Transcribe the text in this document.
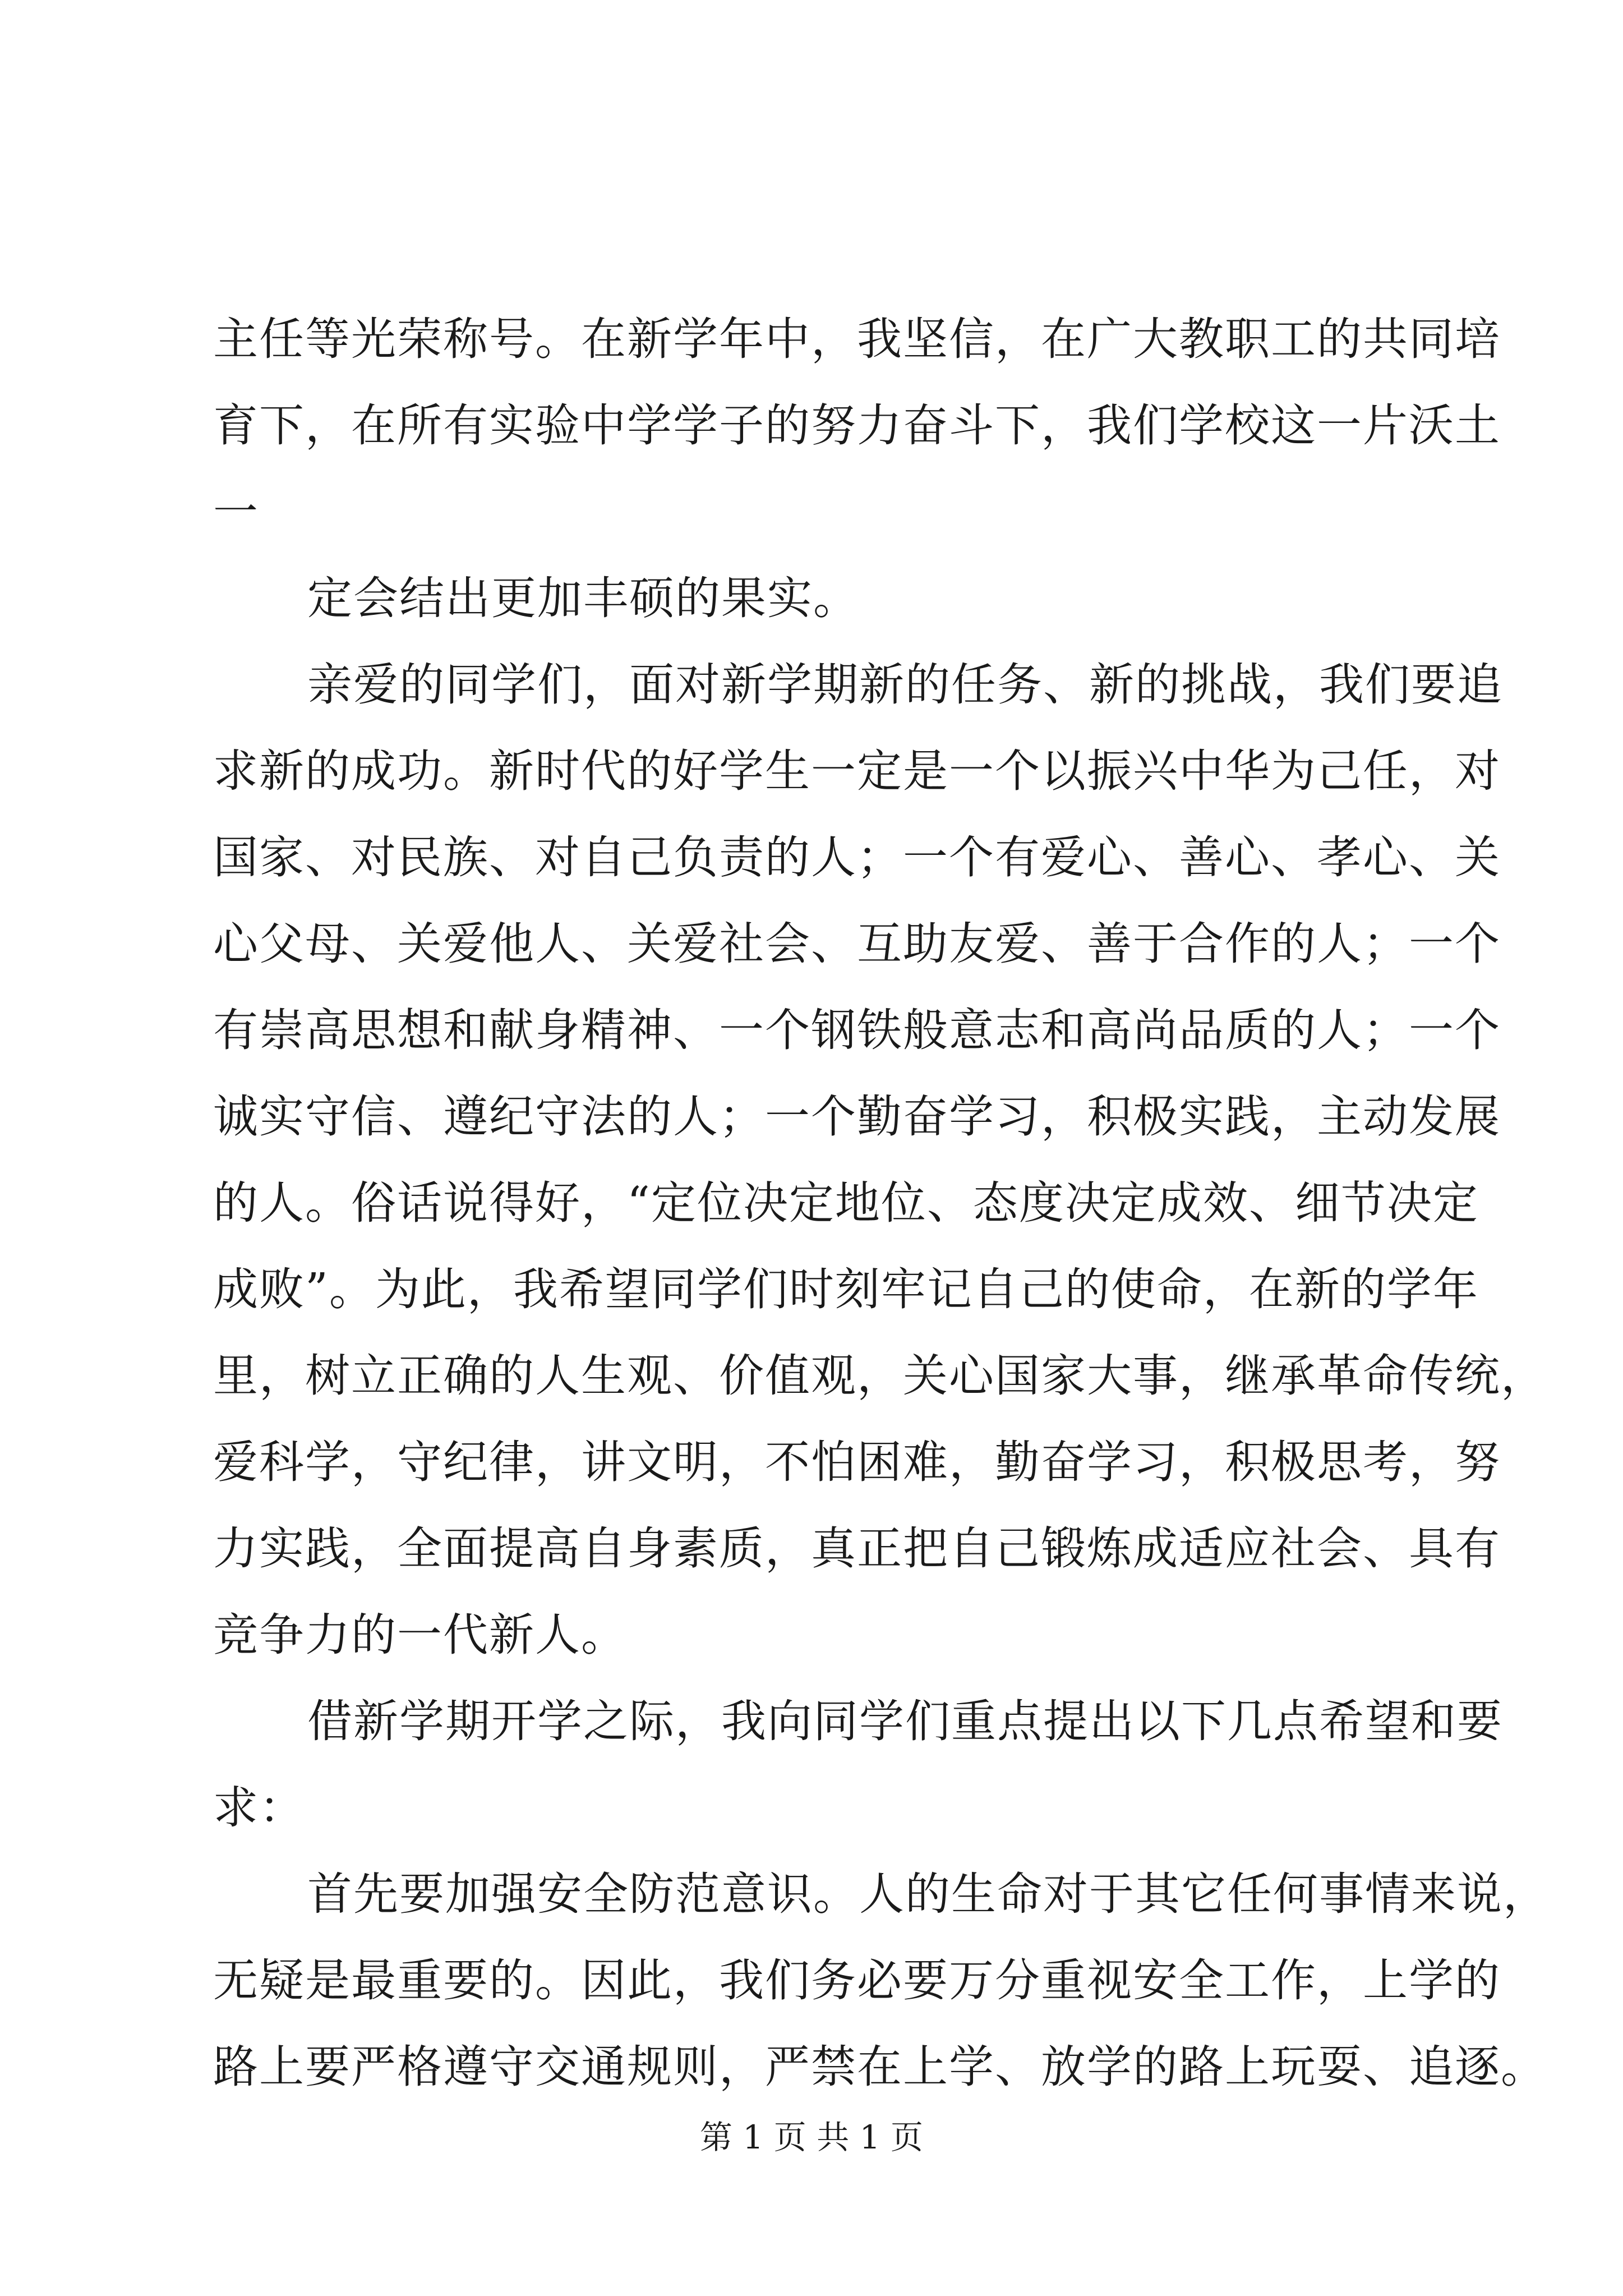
主任等光荣称号。在新学年中，我坚信，在广大教职工的共同培
育下，在所有实验中学学子的努力奋斗下，我们学校这一片沃土
一
定会结出更加丰硕的果实。
亲爱的同学们，面对新学期新的任务、新的挑战，我们要追
求新的成功。新时代的好学生一定是一个以振兴中华为己任，对
国家、对民族、对自己负责的人；一个有爱心、善心、孝心、关
心父母、关爱他人、关爱社会、互助友爱、善于合作的人；一个
有崇高思想和献身精神、一个钢铁般意志和高尚品质的人；一个
诚实守信、遵纪守法的人；一个勤奋学习，积极实践，主动发展
的人。俗话说得好，“定位决定地位、态度决定成效、细节决定
成败”。为此，我希望同学们时刻牢记自己的使命，在新的学年
里，树立正确的人生观、价值观，关心国家大事，继承革命传统，
爱科学，守纪律，讲文明，不怕困难，勤奋学习，积极思考，努
力实践，全面提高自身素质，真正把自己锻炼成适应社会、具有
竞争力的一代新人。
借新学期开学之际，我向同学们重点提出以下几点希望和要
求：
首先要加强安全防范意识。人的生命对于其它任何事情来说，
无疑是最重要的。因此，我们务必要万分重视安全工作，上学的
路上要严格遵守交通规则，严禁在上学、放学的路上玩耍、追逐。
第 1 页 共 1 页
